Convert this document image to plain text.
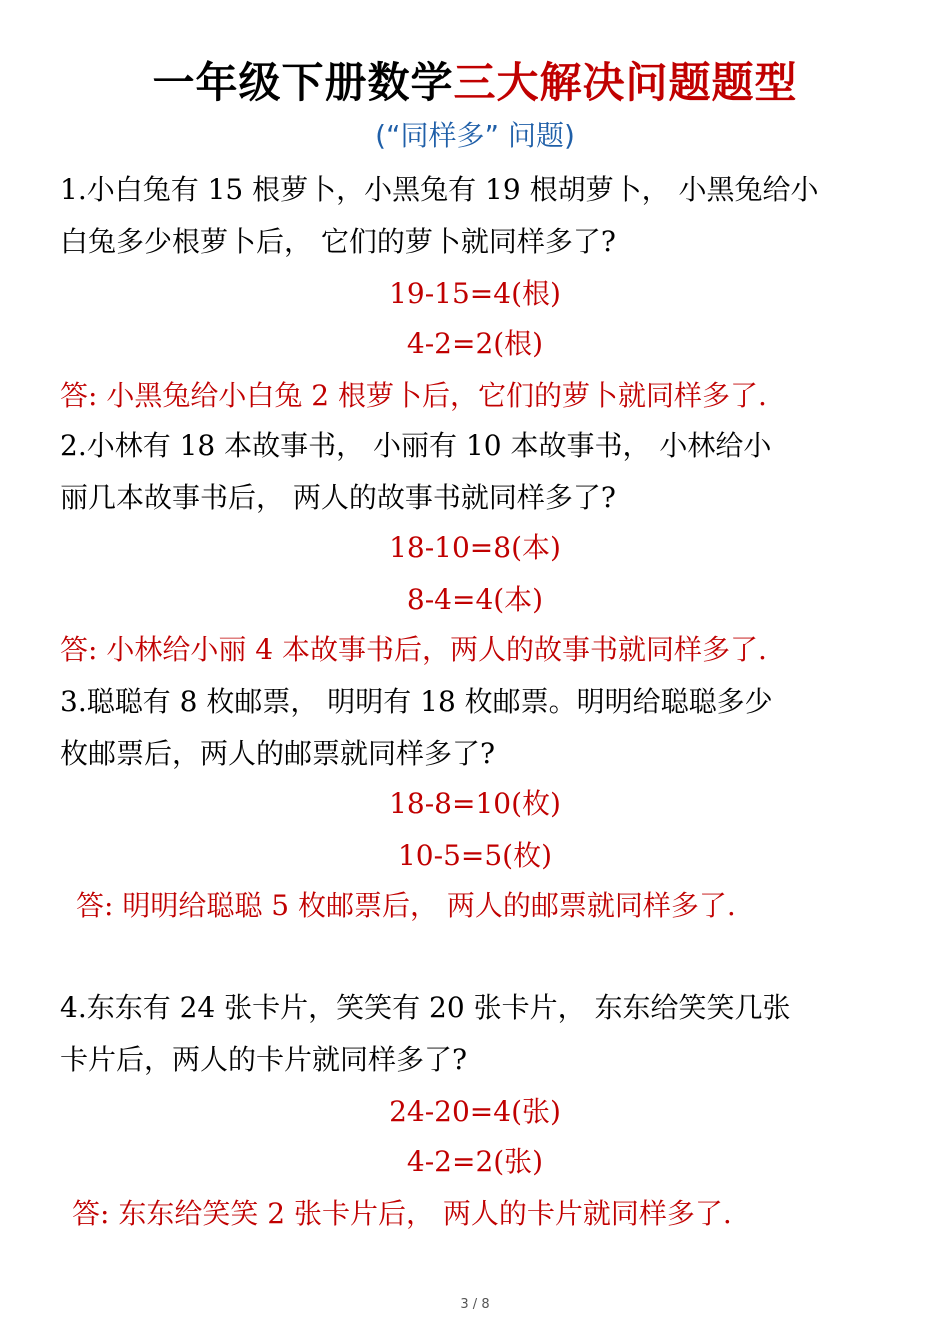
一年级下册数学三大解决问题题型
(“同样多” 问题)
1.小白兔有 15 根萝卜，小黑兔有 19 根胡萝卜， 小黑兔给小
白兔多少根萝卜后， 它们的萝卜就同样多了?
19-15=4(根)
4-2=2(根)
答: 小黑兔给小白兔 2 根萝卜后，它们的萝卜就同样多了.
2.小林有 18 本故事书， 小丽有 10 本故事书， 小林给小
丽几本故事书后， 两人的故事书就同样多了?
18-10=8(本)
8-4=4(本)
答: 小林给小丽 4 本故事书后，两人的故事书就同样多了.
3.聪聪有 8 枚邮票， 明明有 18 枚邮票。明明给聪聪多少
枚邮票后，两人的邮票就同样多了?
18-8=10(枚)
10-5=5(枚)
答: 明明给聪聪 5 枚邮票后， 两人的邮票就同样多了.
4.东东有 24 张卡片，笑笑有 20 张卡片， 东东给笑笑几张
卡片后，两人的卡片就同样多了?
24-20=4(张)
4-2=2(张)
答: 东东给笑笑 2 张卡片后， 两人的卡片就同样多了.
3 / 8
